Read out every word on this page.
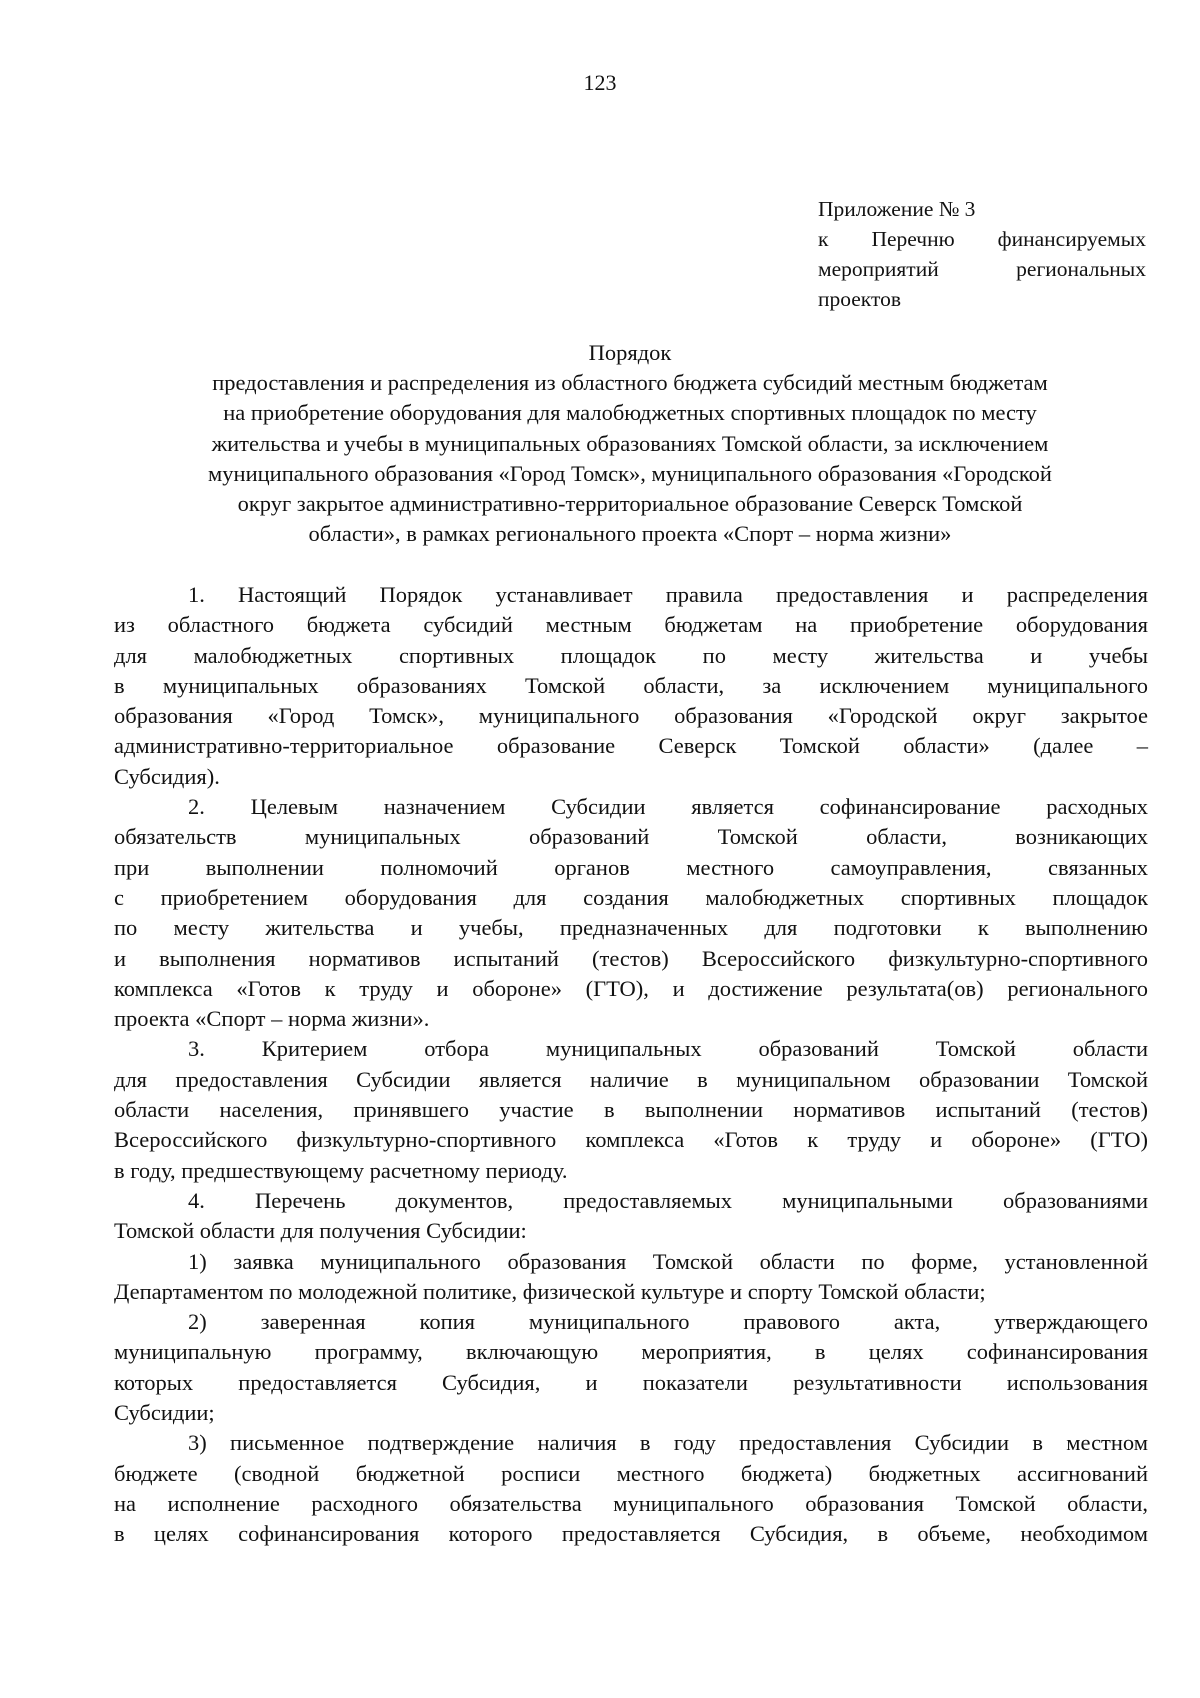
123
Приложение № 3
к Перечню финансируемых
мероприятий региональных
проектов
Порядок
предоставления и распределения из областного бюджета субсидий местным бюджетам
на приобретение оборудования для малобюджетных спортивных площадок по месту
жительства и учебы в муниципальных образованиях Томской области, за исключением
муниципального образования «Город Томск», муниципального образования «Городской
округ закрытое административно-территориальное образование Северск Томской
области», в рамках регионального проекта «Спорт – норма жизни»
1. Настоящий Порядок устанавливает правила предоставления и распределения
из областного бюджета субсидий местным бюджетам на приобретение оборудования
для малобюджетных спортивных площадок по месту жительства и учебы
в муниципальных образованиях Томской области, за исключением муниципального
образования «Город Томск», муниципального образования «Городской округ закрытое
административно-территориальное образование Северск Томской области» (далее –
Субсидия).
2. Целевым назначением Субсидии является софинансирование расходных
обязательств муниципальных образований Томской области, возникающих
при выполнении полномочий органов местного самоуправления, связанных
с приобретением оборудования для создания малобюджетных спортивных площадок
по месту жительства и учебы, предназначенных для подготовки к выполнению
и выполнения нормативов испытаний (тестов) Всероссийского физкультурно-спортивного
комплекса «Готов к труду и обороне» (ГТО), и достижение результата(ов) регионального
проекта «Спорт – норма жизни».
3. Критерием отбора муниципальных образований Томской области
для предоставления Субсидии является наличие в муниципальном образовании Томской
области населения, принявшего участие в выполнении нормативов испытаний (тестов)
Всероссийского физкультурно-спортивного комплекса «Готов к труду и обороне» (ГТО)
в году, предшествующему расчетному периоду.
4. Перечень документов, предоставляемых муниципальными образованиями
Томской области для получения Субсидии:
1) заявка муниципального образования Томской области по форме, установленной
Департаментом по молодежной политике, физической культуре и спорту Томской области;
2) заверенная копия муниципального правового акта, утверждающего
муниципальную программу, включающую мероприятия, в целях софинансирования
которых предоставляется Субсидия, и показатели результативности использования
Субсидии;
3) письменное подтверждение наличия в году предоставления Субсидии в местном
бюджете (сводной бюджетной росписи местного бюджета) бюджетных ассигнований
на исполнение расходного обязательства муниципального образования Томской области,
в целях софинансирования которого предоставляется Субсидия, в объеме, необходимом
